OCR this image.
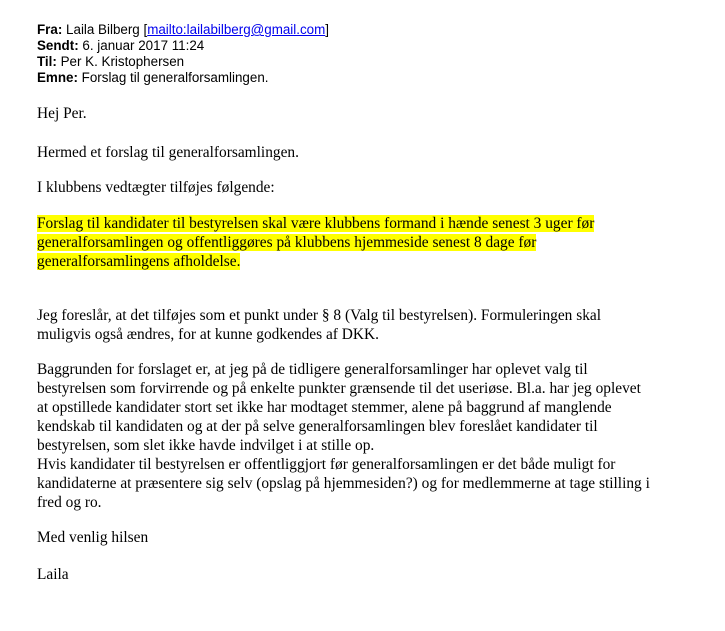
Fra: Laila Bilberg [mailto:lailabilberg@gmail.com]
Sendt: 6. januar 2017 11:24
Til: Per K. Kristophersen
Emne: Forslag til generalforsamlingen.
Hej Per.
Hermed et forslag til generalforsamlingen.
I klubbens vedtægter tilføjes følgende:
Forslag til kandidater til bestyrelsen skal være klubbens formand i hænde senest 3 uger før
generalforsamlingen og offentliggøres på klubbens hjemmeside senest 8 dage før
generalforsamlingens afholdelse.
Jeg foreslår, at det tilføjes som et punkt under § 8 (Valg til bestyrelsen). Formuleringen skal
muligvis også ændres, for at kunne godkendes af DKK.
Baggrunden for forslaget er, at jeg på de tidligere generalforsamlinger har oplevet valg til
bestyrelsen som forvirrende og på enkelte punkter grænsende til det useriøse. Bl.a. har jeg oplevet
at opstillede kandidater stort set ikke har modtaget stemmer, alene på baggrund af manglende
kendskab til kandidaten og at der på selve generalforsamlingen blev foreslået kandidater til
bestyrelsen, som slet ikke havde indvilget i at stille op.
Hvis kandidater til bestyrelsen er offentliggjort før generalforsamlingen er det både muligt for
kandidaterne at præsentere sig selv (opslag på hjemmesiden?) og for medlemmerne at tage stilling i
fred og ro.
Med venlig hilsen
Laila
